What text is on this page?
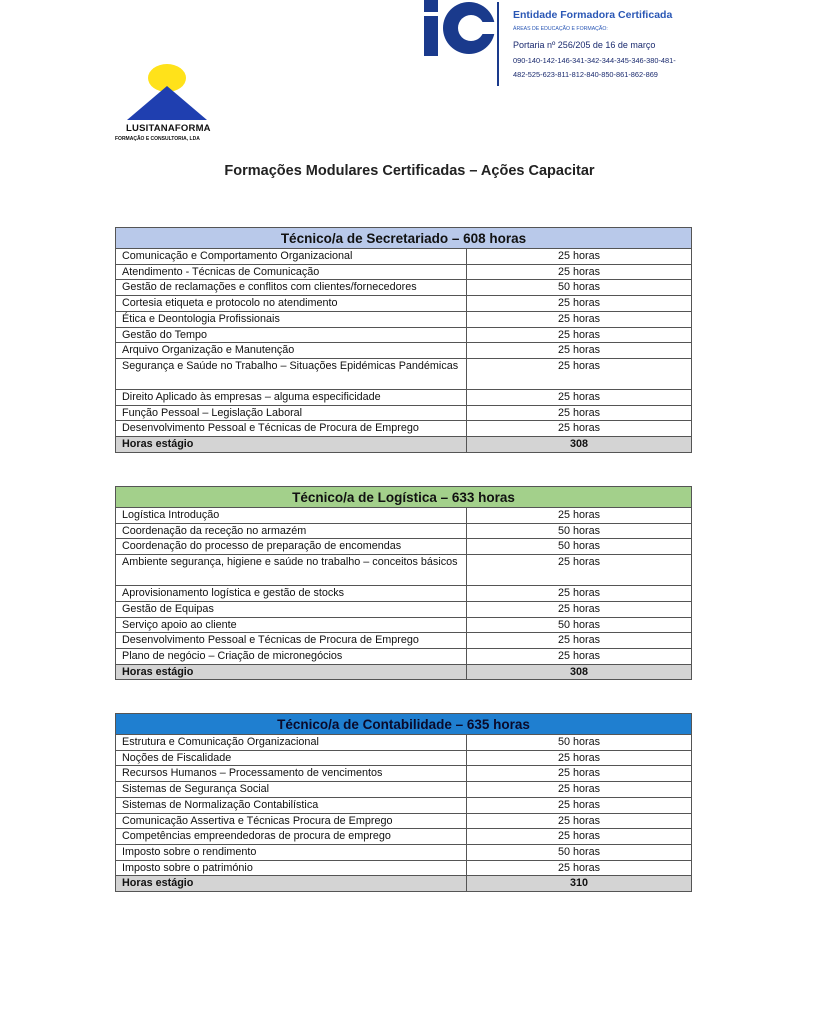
LUSITANAFORMA
FORMAÇÃO E CONSULTORIA, LDA
Entidade Formadora Certificada
ÁREAS DE EDUCAÇÃO E FORMAÇÃO:
Portaria nº 256/205 de 16 de março
090-140-142-146-341-342-344-345-346-380-481-482-525-623-811-812-840-850-861-862-869
Formações Modulares Certificadas – Ações Capacitar
Técnico/a de Secretariado – 608 horas	
Comunicação e Comportamento Organizacional	25 horas
Atendimento - Técnicas de Comunicação	25 horas
Gestão de reclamações e conflitos com clientes/fornecedores	50 horas
Cortesia etiqueta e protocolo no atendimento	25 horas
Ética e Deontologia Profissionais	25 horas
Gestão do Tempo	25 horas
Arquivo Organização e Manutenção	25 horas
Segurança e Saúde no Trabalho – Situações Epidémicas Pandémicas	25 horas
Direito Aplicado às empresas – alguma especificidade	25 horas
Função Pessoal – Legislação Laboral	25 horas
Desenvolvimento Pessoal e Técnicas de Procura de Emprego	25 horas
Horas estágio	308
Técnico/a de Logística – 633 horas	
Logística Introdução	25 horas
Coordenação da receção no armazém	50 horas
Coordenação do processo de preparação de encomendas	50 horas
Ambiente segurança, higiene e saúde no trabalho – conceitos básicos	25 horas
Aprovisionamento logística e gestão de stocks	25 horas
Gestão de Equipas	25 horas
Serviço apoio ao cliente	50 horas
Desenvolvimento Pessoal e Técnicas de Procura de Emprego	25 horas
Plano de negócio – Criação de micronegócios	25 horas
Horas estágio	308
Técnico/a de Contabilidade – 635 horas	
Estrutura e Comunicação Organizacional	50 horas
Noções de Fiscalidade	25 horas
Recursos Humanos – Processamento de vencimentos	25 horas
Sistemas de Segurança Social	25 horas
Sistemas de Normalização Contabilística	25 horas
Comunicação Assertiva e Técnicas Procura de Emprego	25 horas
Competências empreendedoras de procura de emprego	25 horas
Imposto sobre o rendimento	50 horas
Imposto sobre o património	25 horas
Horas estágio	310
